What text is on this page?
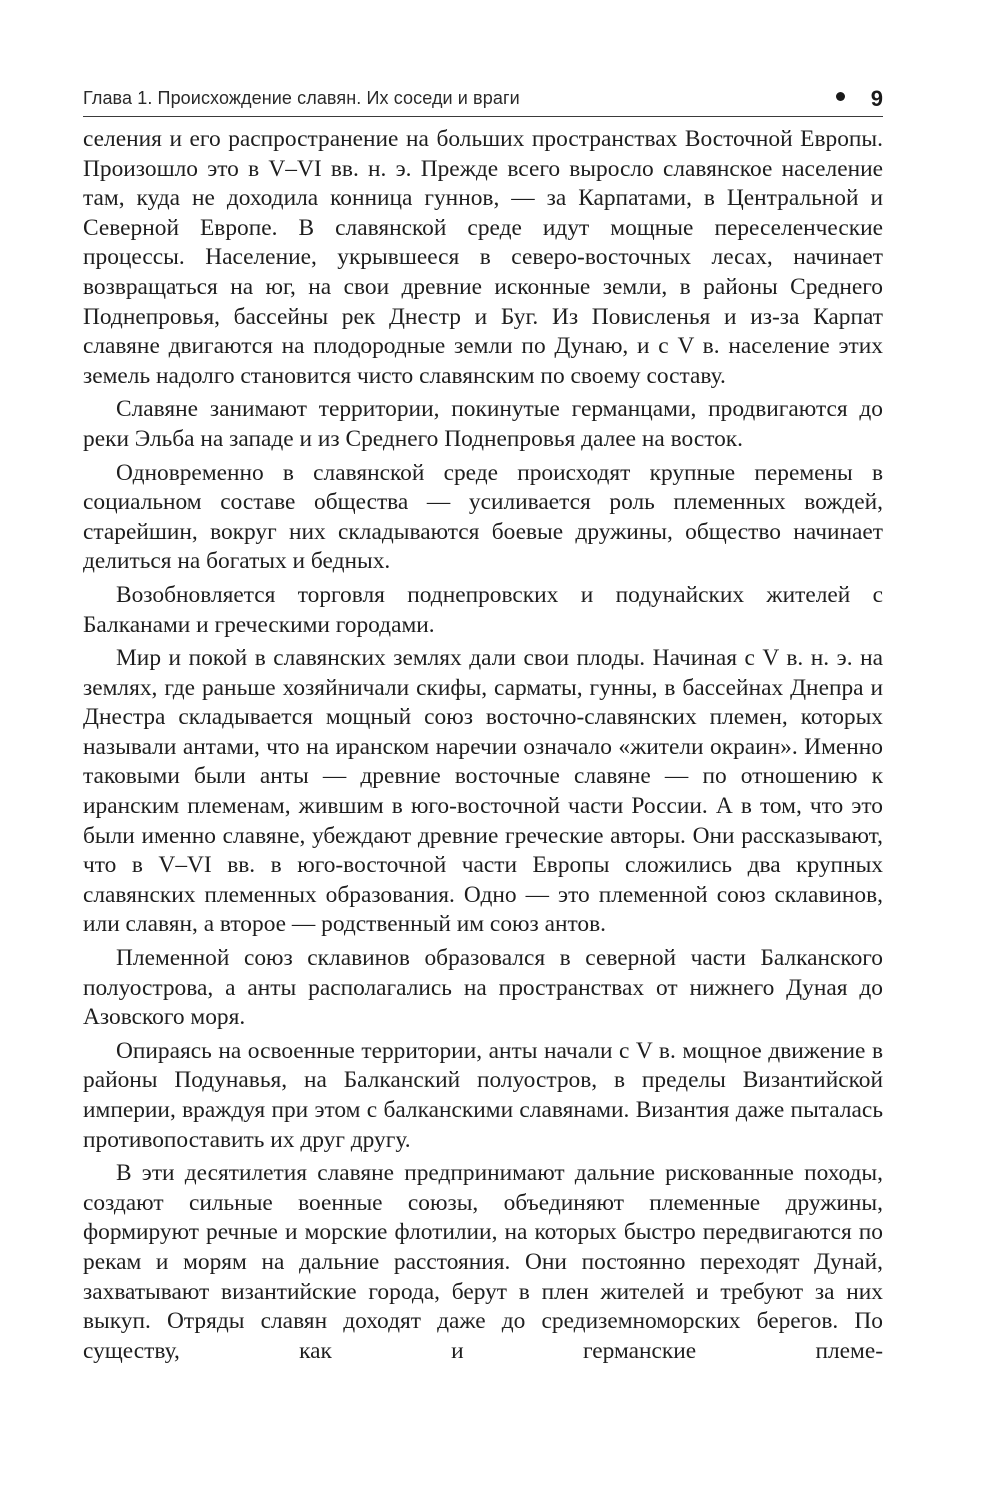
Глава 1. Происхождение славян. Их соседи и враги	9

селения и его распространение на больших пространствах Восточной Европы. Произошло это в V–VI вв. н. э. Прежде всего выросло славянское население там, куда не доходила конница гуннов, — за Карпатами, в Центральной и Северной Европе. В славянской среде идут мощные переселенческие процессы. Население, укрывшееся в северо-восточных лесах, начинает возвращаться на юг, на свои древние исконные земли, в районы Среднего Поднепровья, бассейны рек Днестр и Буг. Из Повисленья и из-за Карпат славяне двигаются на плодородные земли по Дунаю, и с V в. население этих земель надолго становится чисто славянским по своему составу.

Славяне занимают территории, покинутые германцами, продвигаются до реки Эльба на западе и из Среднего Поднепровья далее на восток.

Одновременно в славянской среде происходят крупные перемены в социальном составе общества — усиливается роль племенных вождей, старейшин, вокруг них складываются боевые дружины, общество начинает делиться на богатых и бедных.

Возобновляется торговля поднепровских и подунайских жителей с Балканами и греческими городами.

Мир и покой в славянских землях дали свои плоды. Начиная с V в. н. э. на землях, где раньше хозяйничали скифы, сарматы, гунны, в бассейнах Днепра и Днестра складывается мощный союз восточно-славянских племен, которых называли антами, что на иранском наречии означало «жители окраин». Именно таковыми были анты — древние восточные славяне — по отношению к иранским племенам, жившим в юго-восточной части России. А в том, что это были именно славяне, убеждают древние греческие авторы. Они рассказывают, что в V–VI вв. в юго-восточной части Европы сложились два крупных славянских племенных образования. Одно — это племенной союз склавинов, или славян, а второе — родственный им союз антов.

Племенной союз склавинов образовался в северной части Балканского полуострова, а анты располагались на пространствах от нижнего Дуная до Азовского моря.

Опираясь на освоенные территории, анты начали с V в. мощное движение в районы Подунавья, на Балканский полуостров, в пределы Византийской империи, враждуя при этом с балканскими славянами. Византия даже пыталась противопоставить их друг другу.

В эти десятилетия славяне предпринимают дальние рискованные походы, создают сильные военные союзы, объединяют племенные дружины, формируют речные и морские флотилии, на которых быстро передвигаются по рекам и морям на дальние расстояния. Они постоянно переходят Дунай, захватывают византийские города, берут в плен жителей и требуют за них выкуп. Отряды славян доходят даже до средиземноморских берегов. По существу, как и германские племе-
